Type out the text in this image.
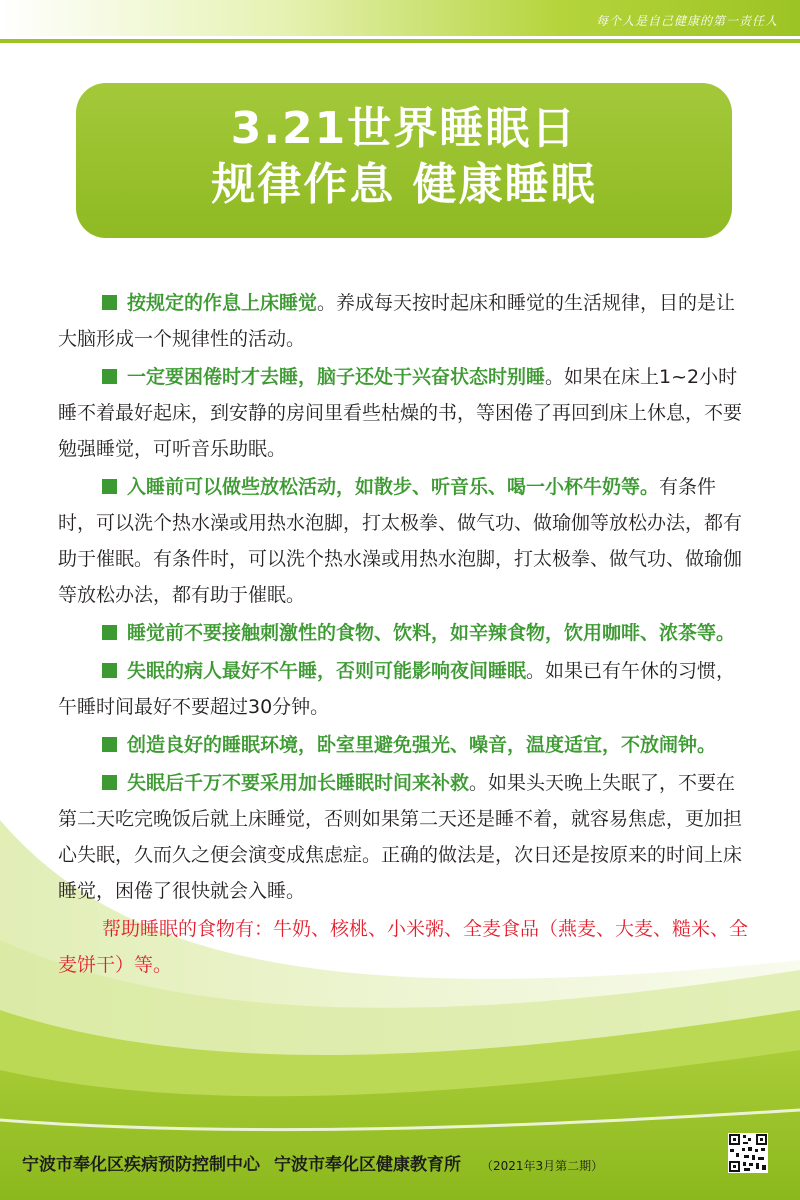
每个人是自己健康的第一责任人
3.21世界睡眠日
规律作息 健康睡眠

按规定的作息上床睡觉。养成每天按时起床和睡觉的生活规律，目的是让大脑形成一个规律性的活动。

一定要困倦时才去睡，脑子还处于兴奋状态时别睡。如果在床上1~2小时睡不着最好起床，到安静的房间里看些枯燥的书，等困倦了再回到床上休息，不要勉强睡觉，可听音乐助眠。

入睡前可以做些放松活动，如散步、听音乐、喝一小杯牛奶等。有条件时，可以洗个热水澡或用热水泡脚，打太极拳、做气功、做瑜伽等放松办法，都有助于催眠。有条件时，可以洗个热水澡或用热水泡脚，打太极拳、做气功、做瑜伽等放松办法，都有助于催眠。

睡觉前不要接触刺激性的食物、饮料，如辛辣食物，饮用咖啡、浓茶等。

失眠的病人最好不午睡，否则可能影响夜间睡眠。如果已有午休的习惯，午睡时间最好不要超过30分钟。

创造良好的睡眠环境，卧室里避免强光、噪音，温度适宜，不放闹钟。

失眠后千万不要采用加长睡眠时间来补救。如果头天晚上失眠了，不要在第二天吃完晚饭后就上床睡觉，否则如果第二天还是睡不着，就容易焦虑，更加担心失眠，久而久之便会演变成焦虑症。正确的做法是，次日还是按原来的时间上床睡觉，困倦了很快就会入睡。

帮助睡眠的食物有：牛奶、核桃、小米粥、全麦食品（燕麦、大麦、糙米、全麦饼干）等。

宁波市奉化区疾病预防控制中心 宁波市奉化区健康教育所 （2021年3月第二期）
